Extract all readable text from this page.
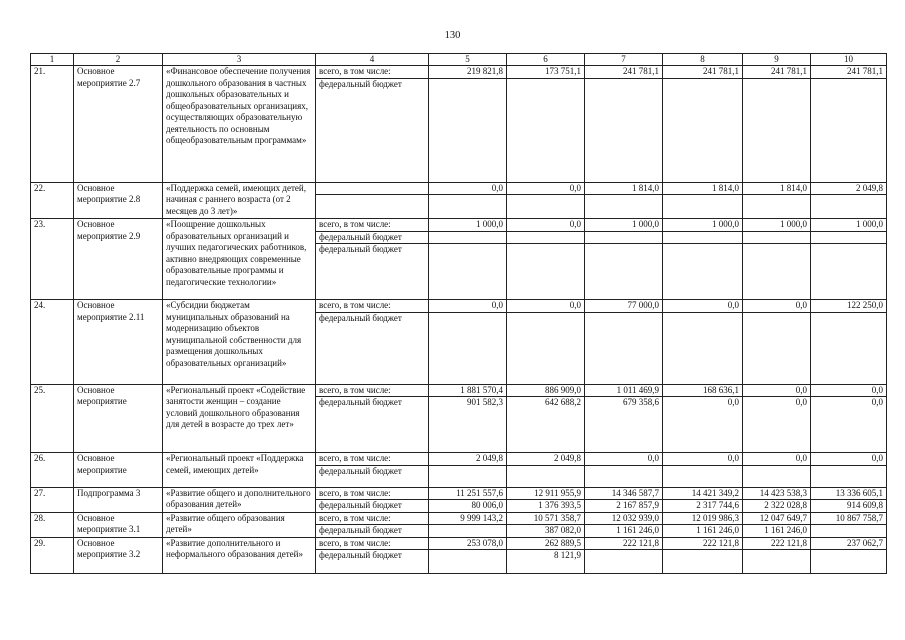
130
1	2	3	4	5	6	7	8	9	10
21.	Основное мероприятие 2.7	«Финансовое обеспечение получения дошкольного образования в частных дошкольных образовательных и общеобразовательных организациях, осуществляющих образовательную деятельность по основным общеобразовательным программам»	всего, в том числе:	219 821,8	173 751,1	241 781,1	241 781,1	241 781,1	241 781,1
			федеральный бюджет						
22.	Основное мероприятие 2.8	«Поддержка семей, имеющих детей, начиная с раннего возраста (от 2 месяцев до 3 лет)»		0,0	0,0	1 814,0	1 814,0	1 814,0	2 049,8

23.	Основное мероприятие 2.9	«Поощрение дошкольных образовательных организаций и лучших педагогических работников, активно внедряющих современные образовательные программы и педагогические технологии»	всего, в том числе:	1 000,0	0,0	1 000,0	1 000,0	1 000,0	1 000,0
			федеральный бюджет						
			федеральный бюджет						
24.	Основное мероприятие 2.11	«Субсидии бюджетам муниципальных образований на модернизацию объектов муниципальной собственности для размещения дошкольных образовательных организаций»	всего, в том числе:	0,0	0,0	77 000,0	0,0	0,0	122 250,0
			федеральный бюджет						
25.	Основное мероприятие	«Региональный проект «Содействие занятости женщин – создание условий дошкольного образования для детей в возрасте до трех лет»	всего, в том числе:	1 881 570,4	886 909,0	1 011 469,9	168 636,1	0,0	0,0
			федеральный бюджет	901 582,3	642 688,2	679 358,6	0,0	0,0	0,0
26.	Основное мероприятие	«Региональный проект «Поддержка семей, имеющих детей»	всего, в том числе:	2 049,8	2 049,8	0,0	0,0	0,0	0,0
			федеральный бюджет						
27.	Подпрограмма 3	«Развитие общего и дополнительного образования детей»	всего, в том числе:	11 251 557,6	12 911 955,9	14 346 587,7	14 421 349,2	14 423 538,3	13 336 605,1
			федеральный бюджет	80 006,0	1 376 393,5	2 167 857,9	2 317 744,6	2 322 028,8	914 609,8
28.	Основное мероприятие 3.1	«Развитие общего образования детей»	всего, в том числе:	9 999 143,2	10 571 358,7	12 032 939,0	12 019 986,3	12 047 649,7	10 867 758,7
			федеральный бюджет		387 082,0	1 161 246,0	1 161 246,0	1 161 246,0	
29.	Основное мероприятие 3.2	«Развитие дополнительного и неформального образования детей»	всего, в том числе:	253 078,0	262 889,5	222 121,8	222 121,8	222 121,8	237 062,7
			федеральный бюджет		8 121,9				
